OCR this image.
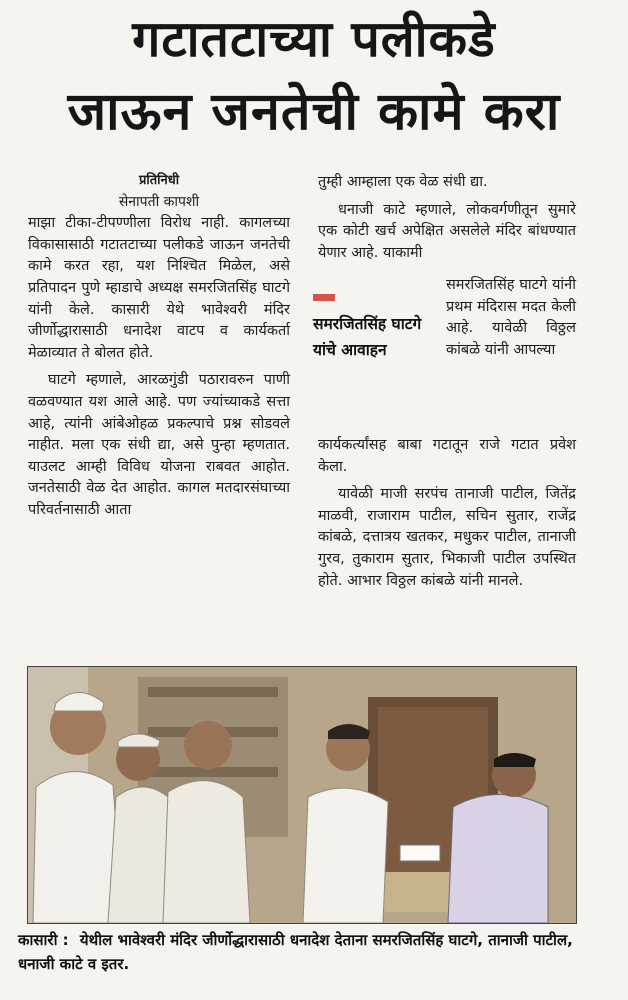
गटातटाच्या पलीकडे
जाऊन जनतेची कामे करा
प्रतिनिधी
सेनापती कापशी

माझा टीका-टीपण्णीला विरोध नाही. कागलच्या विकासासाठी गटातटाच्या पलीकडे जाऊन जनतेची कामे करत रहा, यश निश्चित मिळेल, असे प्रतिपादन पुणे म्हाडाचे अध्यक्ष समरजितसिंह घाटगे यांनी केले. कासारी येथे भावेश्वरी मंदिर जीर्णोद्धारासाठी धनादेश वाटप व कार्यकर्ता मेळाव्यात ते बोलत होते.

घाटगे म्हणाले, आरळगुंडी पठारावरुन पाणी वळवण्यात यश आले आहे. पण ज्यांच्याकडे सत्ता आहे, त्यांनी आंबेओहळ प्रकल्पाचे प्रश्न सोडवले नाहीत. मला एक संधी द्या, असे पुन्हा म्हणतात. याउलट आम्ही विविध योजना राबवत आहोत. जनतेसाठी वेळ देत आहोत. कागल मतदारसंघाच्या परिवर्तनासाठी आता

तुम्ही आम्हाला एक वेळ संधी द्या.

धनाजी काटे म्हणाले, लोकवर्गणीतून सुमारे एक कोटी खर्च अपेक्षित असलेले मंदिर बांधण्यात येणार आहे. याकामी

समरजितसिंह घाटगे यांचे आवाहन

समरजितसिंह घाटगे यांनी प्रथम मंदिरास मदत केली आहे. यावेळी विठ्ठल कांबळे यांनी आपल्या

कार्यकर्त्यांसह बाबा गटातून राजे गटात प्रवेश केला.

यावेळी माजी सरपंच तानाजी पाटील, जितेंद्र माळवी, राजाराम पाटील, सचिन सुतार, राजेंद्र कांबळे, दत्तात्रय खतकर, मधुकर पाटील, तानाजी गुरव, तुकाराम सुतार, भिकाजी पाटील उपस्थित होते. आभार विठ्ठल कांबळे यांनी मानले.

कासारी : येथील भावेश्वरी मंदिर जीर्णोद्धारासाठी धनादेश देताना समरजितसिंह घाटगे, तानाजी पाटील, धनाजी काटे व इतर.
